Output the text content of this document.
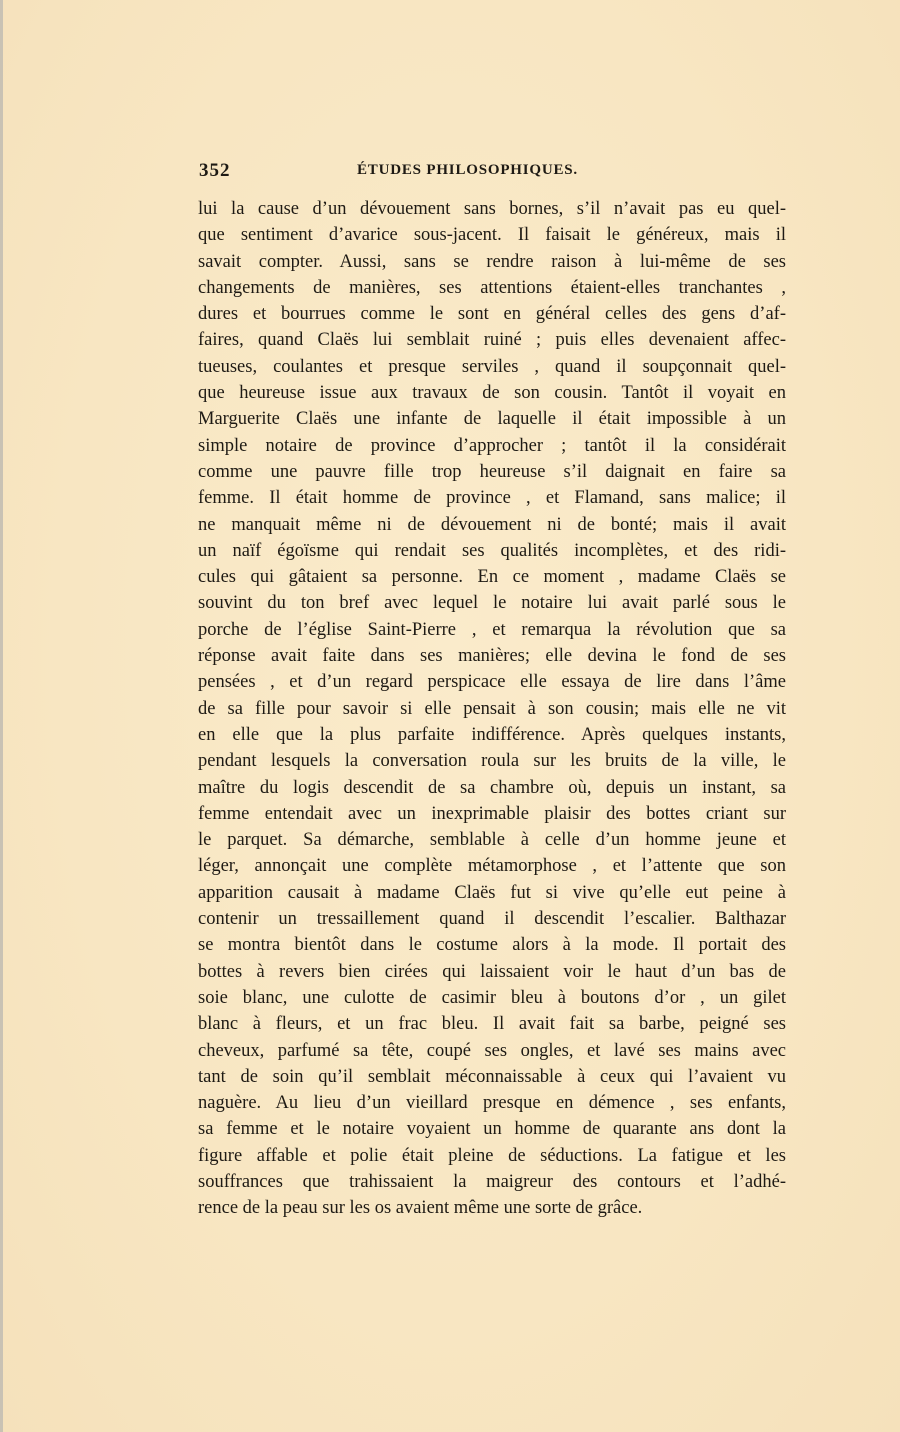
352	ÉTUDES PHILOSOPHIQUES.
lui la cause d’un dévouement sans bornes, s’il n’avait pas eu quel-
que sentiment d’avarice sous-jacent. Il faisait le généreux, mais il
savait compter. Aussi, sans se rendre raison à lui-même de ses
changements de manières, ses attentions étaient-elles tranchantes ,
dures et bourrues comme le sont en général celles des gens d’af-
faires, quand Claës lui semblait ruiné ; puis elles devenaient affec-
tueuses, coulantes et presque serviles , quand il soupçonnait quel-
que heureuse issue aux travaux de son cousin. Tantôt il voyait en
Marguerite Claës une infante de laquelle il était impossible à un
simple notaire de province d’approcher ; tantôt il la considérait
comme une pauvre fille trop heureuse s’il daignait en faire sa
femme. Il était homme de province , et Flamand, sans malice; il
ne manquait même ni de dévouement ni de bonté; mais il avait
un naïf égoïsme qui rendait ses qualités incomplètes, et des ridi-
cules qui gâtaient sa personne. En ce moment , madame Claës se
souvint du ton bref avec lequel le notaire lui avait parlé sous le
porche de l’église Saint-Pierre , et remarqua la révolution que sa
réponse avait faite dans ses manières; elle devina le fond de ses
pensées , et d’un regard perspicace elle essaya de lire dans l’âme
de sa fille pour savoir si elle pensait à son cousin; mais elle ne vit
en elle que la plus parfaite indifférence. Après quelques instants,
pendant lesquels la conversation roula sur les bruits de la ville, le
maître du logis descendit de sa chambre où, depuis un instant, sa
femme entendait avec un inexprimable plaisir des bottes criant sur
le parquet. Sa démarche, semblable à celle d’un homme jeune et
léger, annonçait une complète métamorphose , et l’attente que son
apparition causait à madame Claës fut si vive qu’elle eut peine à
contenir un tressaillement quand il descendit l’escalier. Balthazar
se montra bientôt dans le costume alors à la mode. Il portait des
bottes à revers bien cirées qui laissaient voir le haut d’un bas de
soie blanc, une culotte de casimir bleu à boutons d’or , un gilet
blanc à fleurs, et un frac bleu. Il avait fait sa barbe, peigné ses
cheveux, parfumé sa tête, coupé ses ongles, et lavé ses mains avec
tant de soin qu’il semblait méconnaissable à ceux qui l’avaient vu
naguère. Au lieu d’un vieillard presque en démence , ses enfants,
sa femme et le notaire voyaient un homme de quarante ans dont la
figure affable et polie était pleine de séductions. La fatigue et les
souffrances que trahissaient la maigreur des contours et l’adhé-
rence de la peau sur les os avaient même une sorte de grâce.
